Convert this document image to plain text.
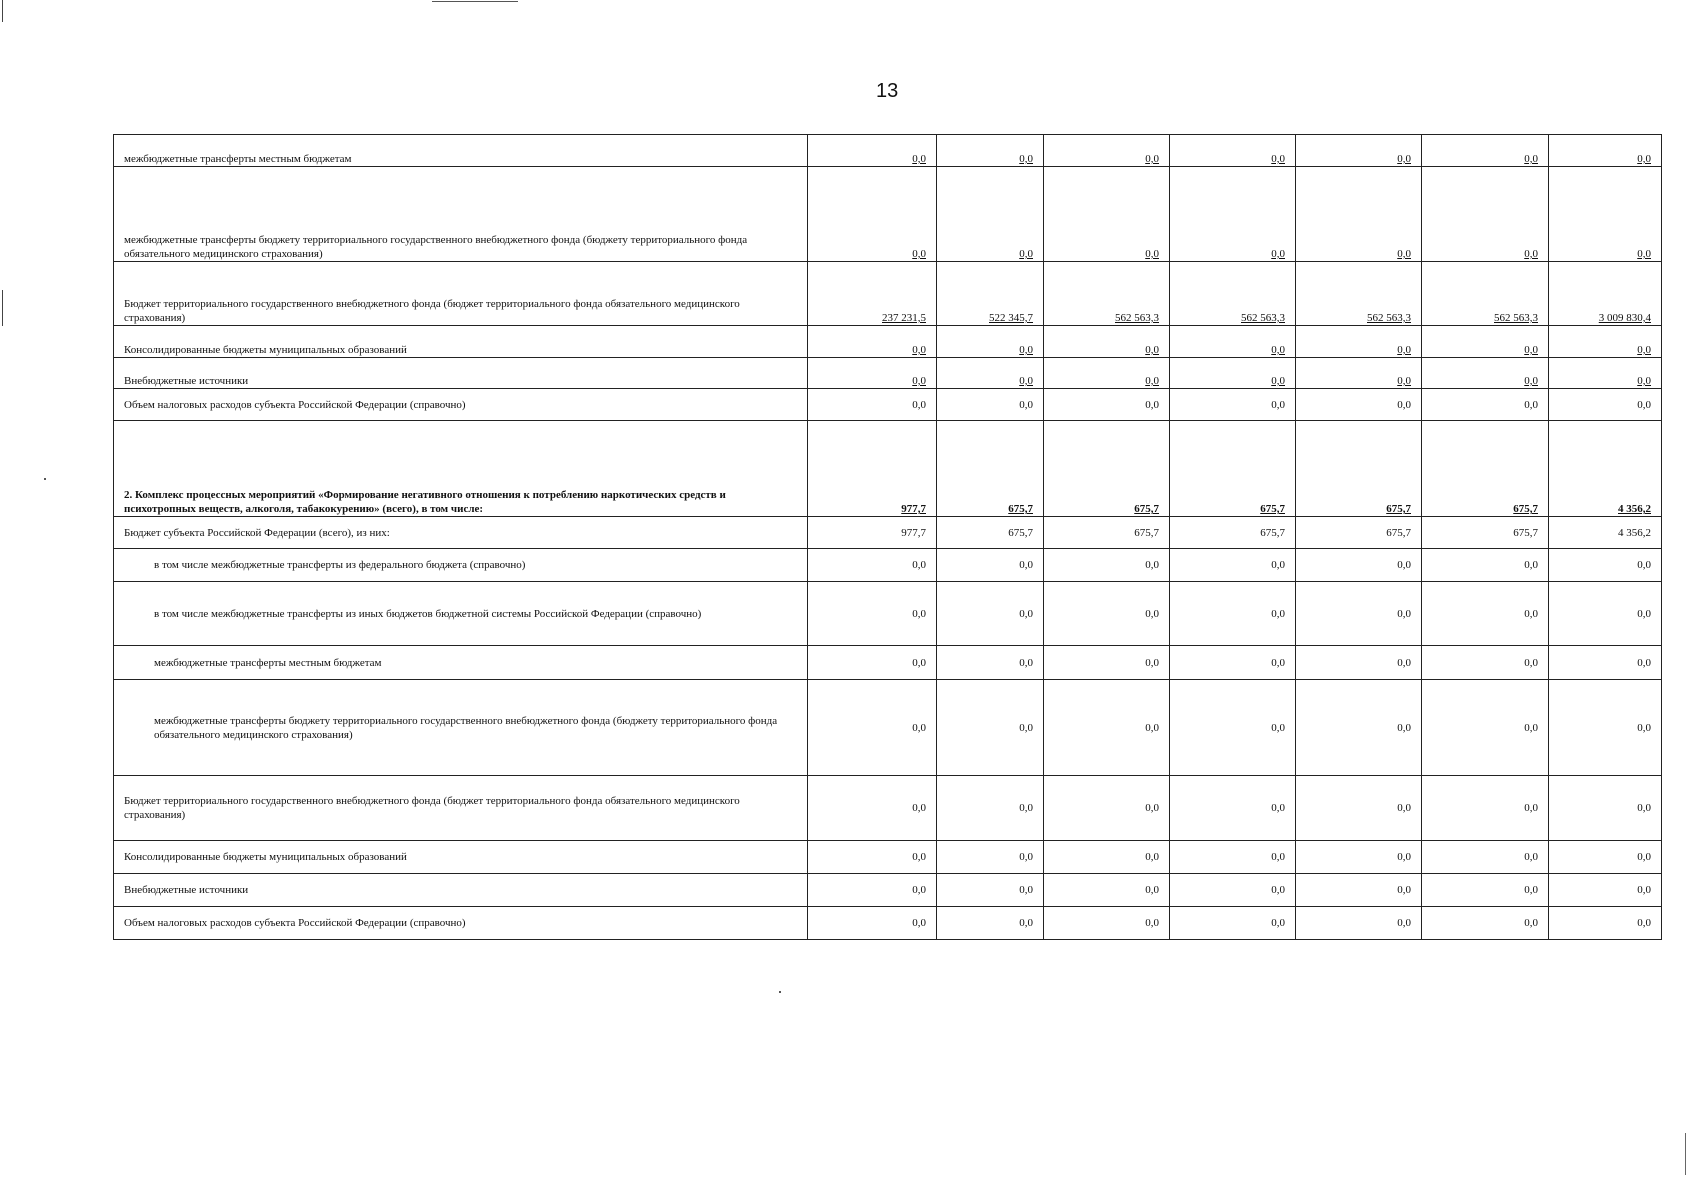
13
межбюджетные трансферты местным бюджетам	0,0	0,0	0,0	0,0	0,0	0,0	0,0
межбюджетные трансферты бюджету территориального государственного внебюджетного фонда (бюджету территориального фонда обязательного медицинского страхования)	0,0	0,0	0,0	0,0	0,0	0,0	0,0
Бюджет территориального государственного внебюджетного фонда (бюджет территориального фонда обязательного медицинского страхования)	237 231,5	522 345,7	562 563,3	562 563,3	562 563,3	562 563,3	3 009 830,4
Консолидированные бюджеты муниципальных образований	0,0	0,0	0,0	0,0	0,0	0,0	0,0
Внебюджетные источники	0,0	0,0	0,0	0,0	0,0	0,0	0,0
Объем налоговых расходов субъекта Российской Федерации (справочно)	0,0	0,0	0,0	0,0	0,0	0,0	0,0
2. Комплекс процессных мероприятий «Формирование негативного отношения к потреблению наркотических средств и психотропных веществ, алкоголя, табакокурению» (всего), в том числе:	977,7	675,7	675,7	675,7	675,7	675,7	4 356,2
Бюджет субъекта Российской Федерации (всего), из них:	977,7	675,7	675,7	675,7	675,7	675,7	4 356,2
в том числе межбюджетные трансферты из федерального бюджета (справочно)	0,0	0,0	0,0	0,0	0,0	0,0	0,0
в том числе межбюджетные трансферты из иных бюджетов бюджетной системы Российской Федерации (справочно)	0,0	0,0	0,0	0,0	0,0	0,0	0,0
межбюджетные трансферты местным бюджетам	0,0	0,0	0,0	0,0	0,0	0,0	0,0
межбюджетные трансферты бюджету территориального государственного внебюджетного фонда (бюджету территориального фонда обязательного медицинского страхования)	0,0	0,0	0,0	0,0	0,0	0,0	0,0
Бюджет территориального государственного внебюджетного фонда (бюджет территориального фонда обязательного медицинского страхования)	0,0	0,0	0,0	0,0	0,0	0,0	0,0
Консолидированные бюджеты муниципальных образований	0,0	0,0	0,0	0,0	0,0	0,0	0,0
Внебюджетные источники	0,0	0,0	0,0	0,0	0,0	0,0	0,0
Объем налоговых расходов субъекта Российской Федерации (справочно)	0,0	0,0	0,0	0,0	0,0	0,0	0,0
